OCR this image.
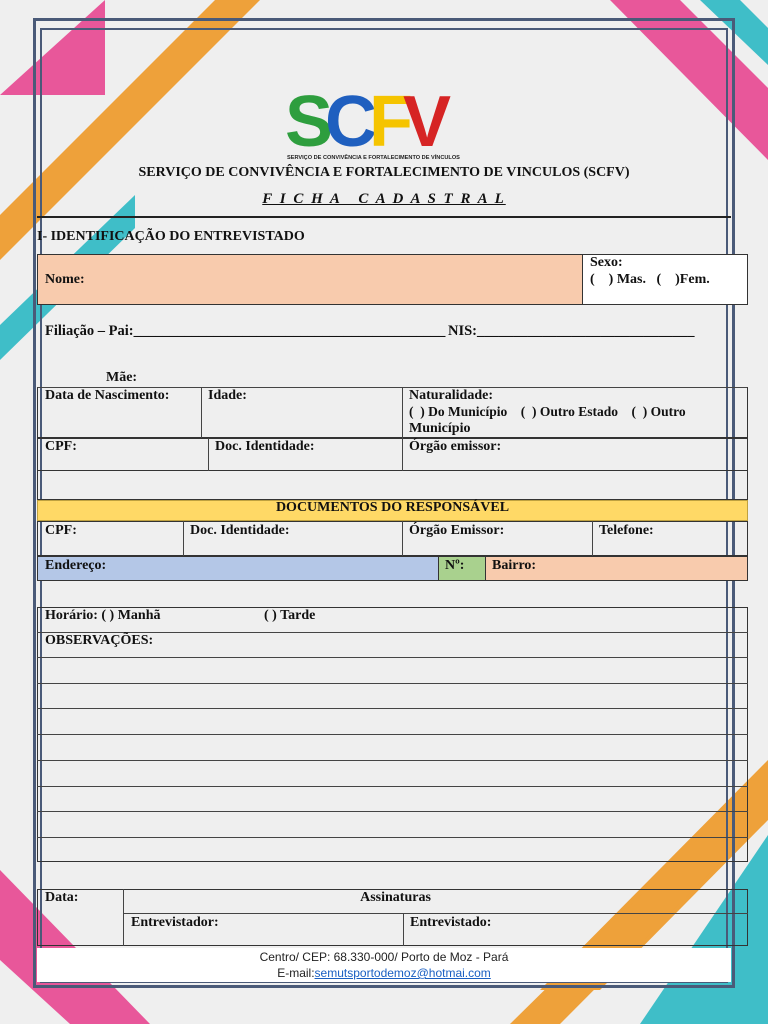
S
C
F
V
SERVIÇO DE CONVIVÊNCIA E FORTALECIMENTO DE VÍNCULOS
SERVIÇO DE CONVIVÊNCIA E FORTALECIMENTO DE VINCULOS (SCFV)
F I C H A   C A D A S T R A L
I- IDENTIFICAÇÃO DO ENTREVISTADO
Nome:
Sexo:
(    ) Mas.   (    )Fem.
Filiação – Pai:___________________________________________ NIS:______________________________
Mãe:
Data de Nascimento:	Idade:	Naturalidade:
(  ) Do Município    (  ) Outro Estado    (  ) Outro
Município
CPF:	Doc. Identidade:	Órgão emissor:
DOCUMENTOS DO RESPONSÁVEL
CPF:	Doc. Identidade:	Órgão Emissor:	Telefone:
Endereço:	Nº: Bairro:
Horário: ( ) Manhã	( ) Tarde
OBSERVAÇÕES:
Data:	Assinaturas
Entrevistador:	Entrevistado:
Centro/ CEP: 68.330-000/ Porto de Moz - Pará
E-mail:semutsportodemoz@hotmai.com
